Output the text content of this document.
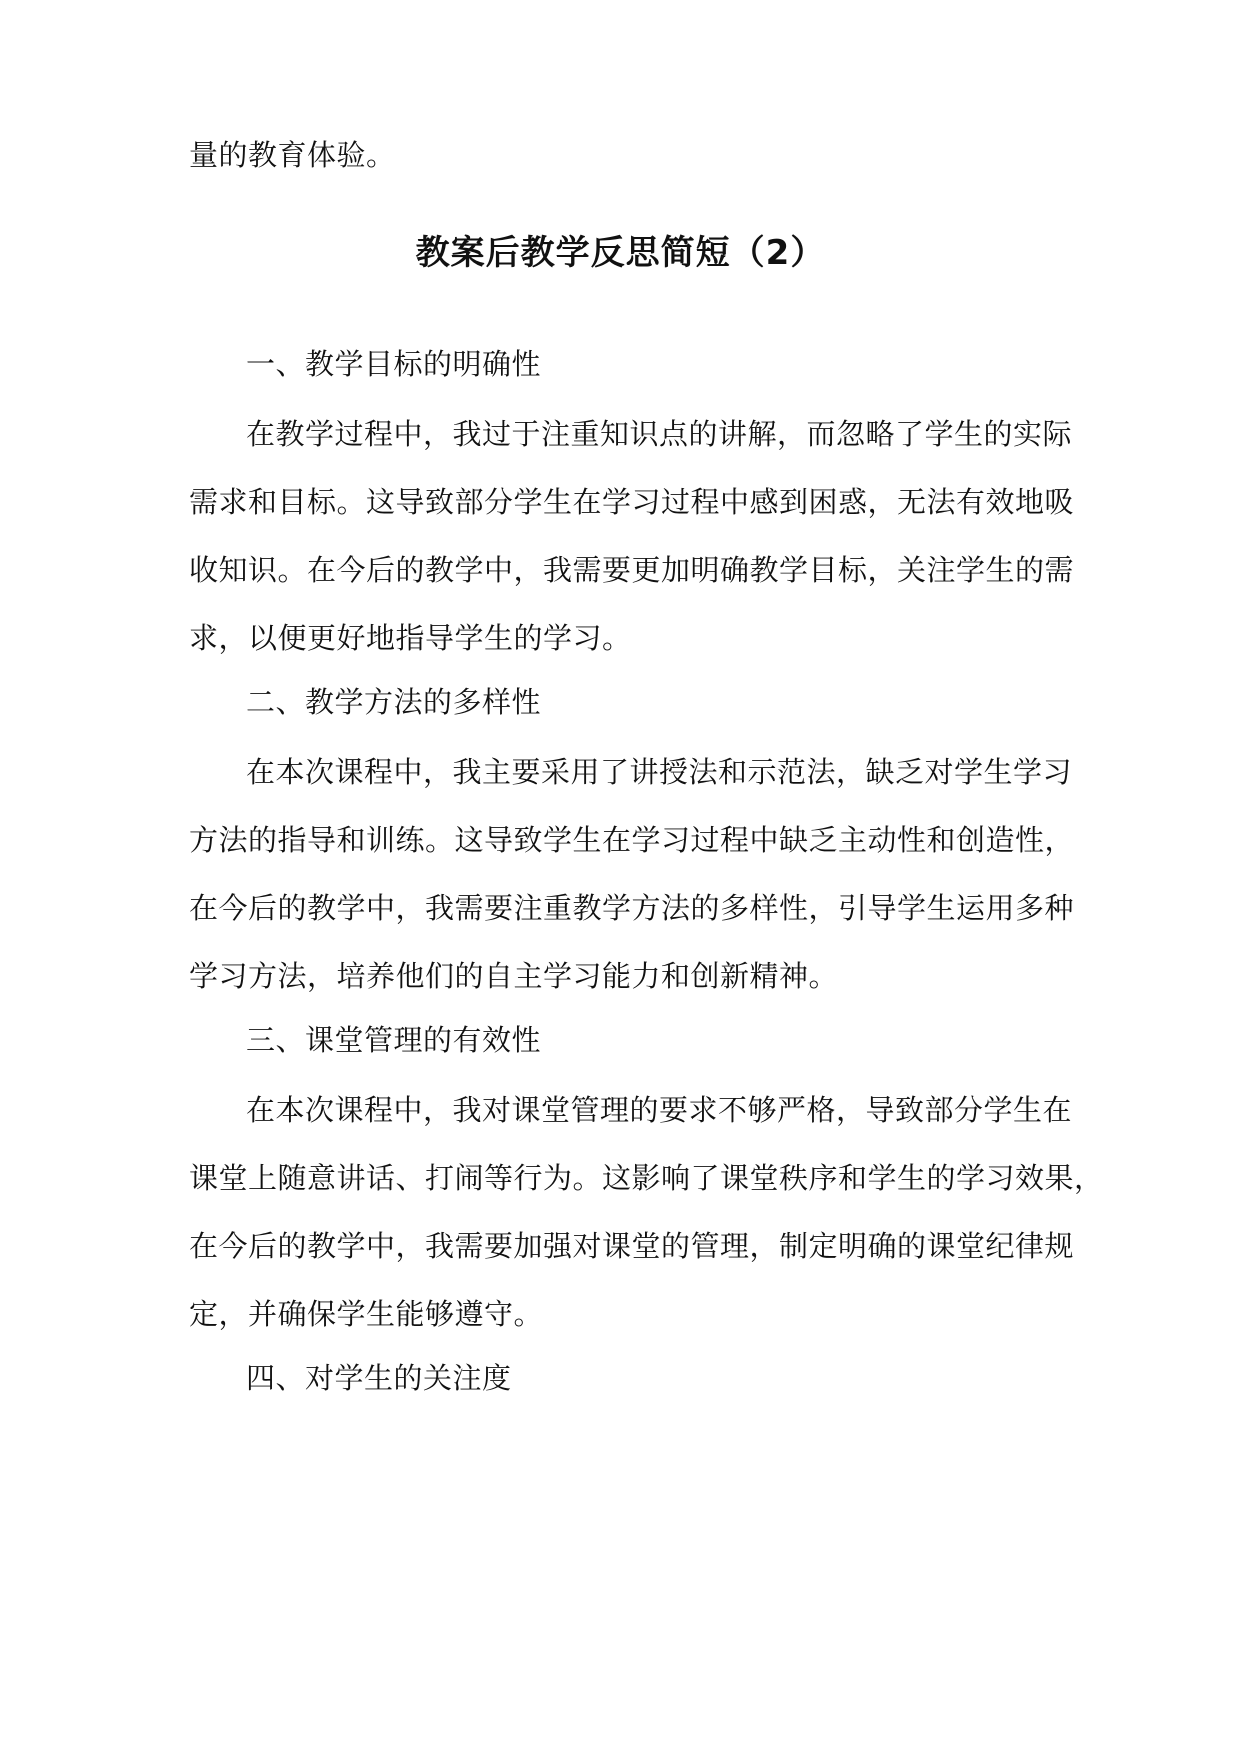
量的教育体验。
教案后教学反思简短（2）
一、教学目标的明确性
在教学过程中，我过于注重知识点的讲解，而忽略了学生的实际
需求和目标。这导致部分学生在学习过程中感到困惑，无法有效地吸
收知识。在今后的教学中，我需要更加明确教学目标，关注学生的需
求，以便更好地指导学生的学习。
二、教学方法的多样性
在本次课程中，我主要采用了讲授法和示范法，缺乏对学生学习
方法的指导和训练。这导致学生在学习过程中缺乏主动性和创造性，
在今后的教学中，我需要注重教学方法的多样性，引导学生运用多种
学习方法，培养他们的自主学习能力和创新精神。
三、课堂管理的有效性
在本次课程中，我对课堂管理的要求不够严格，导致部分学生在
课堂上随意讲话、打闹等行为。这影响了课堂秩序和学生的学习效果，
在今后的教学中，我需要加强对课堂的管理，制定明确的课堂纪律规
定，并确保学生能够遵守。
四、对学生的关注度
